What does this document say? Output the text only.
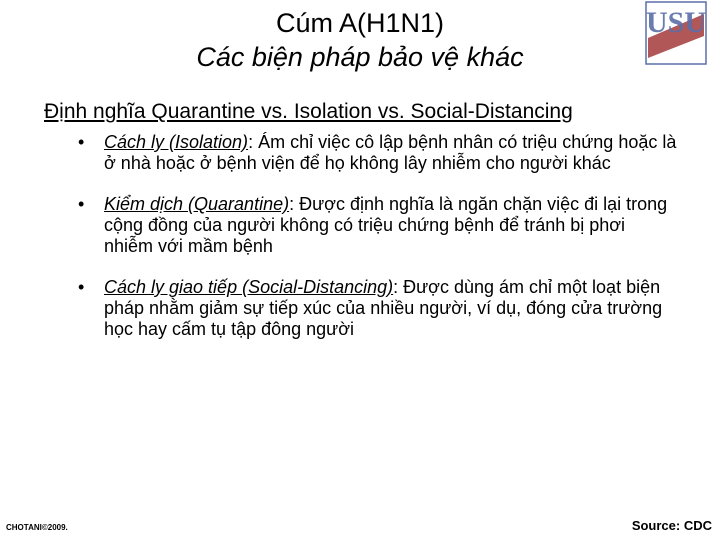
Cúm A(H1N1)
Các biện pháp bảo vệ khác
USU
Định nghĩa Quarantine vs. Isolation vs. Social-Distancing
• Cách ly (Isolation): Ám chỉ việc cô lập bệnh nhân có triệu chứng hoặc là ở nhà hoặc ở bệnh viện để họ không lây nhiễm cho người khác
• Kiểm dịch (Quarantine): Được định nghĩa là ngăn chặn việc đi lại trong cộng đồng của người không có triệu chứng bệnh để tránh bị phơi nhiễm với mầm bệnh
• Cách ly giao tiếp (Social-Distancing): Được dùng ám chỉ một loạt biện pháp nhằm giảm sự tiếp xúc của nhiều người, ví dụ, đóng cửa trường học hay cấm tụ tập đông người
CHOTANI©2009.	Source: CDC
